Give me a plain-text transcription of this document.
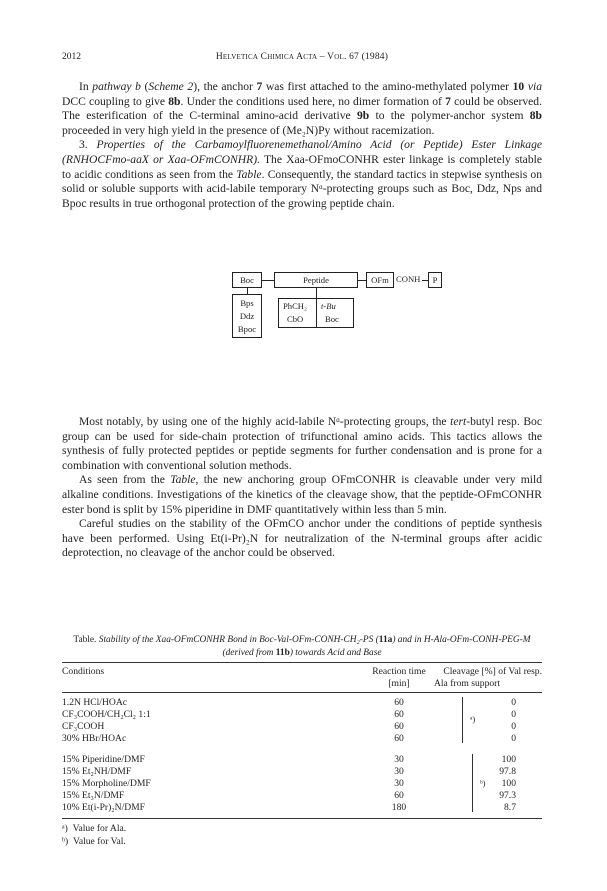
2012	Helvetica Chimica Acta – Vol. 67 (1984)

In pathway b (Scheme 2), the anchor 7 was first attached to the amino-methylated polymer 10 via DCC coupling to give 8b. Under the conditions used here, no dimer formation of 7 could be observed. The esterification of the C-terminal amino-acid derivative 9b to the polymer-anchor system 8b proceeded in very high yield in the presence of (Me₂N)Py without racemization.

3. Properties of the Carbamoylfluorenemethanol/Amino Acid (or Peptide) Ester Linkage (RNHOCFmo-aaX or Xaa-OFmCONHR). The Xaa-OFmoCONHR ester linkage is completely stable to acidic conditions as seen from the Table. Consequently, the standard tactics in stepwise synthesis on solid or soluble supports with acid-labile temporary Nᵅ-protecting groups such as Boc, Ddz, Nps and Bpoc results in true orthogonal protection of the growing peptide chain.

Boc	Peptide	OFm CONH	P
Bps
Ddz
Bpoc
PhCH₂
CbO
t-Bu
Boc

Most notably, by using one of the highly acid-labile Nᵅ-protecting groups, the tert-butyl resp. Boc group can be used for side-chain protection of trifunctional amino acids. This tactics allows the synthesis of fully protected peptides or peptide segments for further condensation and is prone for a combination with conventional solution methods.

As seen from the Table, the new anchoring group OFmCONHR is cleavable under very mild alkaline conditions. Investigations of the kinetics of the cleavage show, that the peptide-OFmCONHR ester bond is split by 15% piperidine in DMF quantitatively within less than 5 min.

Careful studies on the stability of the OFmCO anchor under the conditions of peptide synthesis have been performed. Using Et(i-Pr)₂N for neutralization of the N-terminal groups after acidic deprotection, no cleavage of the anchor could be observed.

Table. Stability of the Xaa-OFmCONHR Bond in Boc-Val-OFm-CONH-CH₂-PS (11a) and in H-Ala-OFm-CONH-PEG-M (derived from 11b) towards Acid and Base
Conditions	Reaction time
[min]
Cleavage [%] of Val resp.
Ala from support
1.2N HCl/HOAc	60	0
CF₃COOH/CH₂Cl₂ 1:1	60	0
CF₃COOH	60	0
30% HBr/HOAc	60	0
ᵃ)
15% Piperidine/DMF	30	100
15% Et₂NH/DMF	30	97.8
15% Morpholine/DMF	30	100
15% Et₃N/DMF	60	97.3
10% Et(i-Pr)₂N/DMF	180	8.7
ᵇ)
ᵃ) Value for Ala.
ᵇ) Value for Val.
